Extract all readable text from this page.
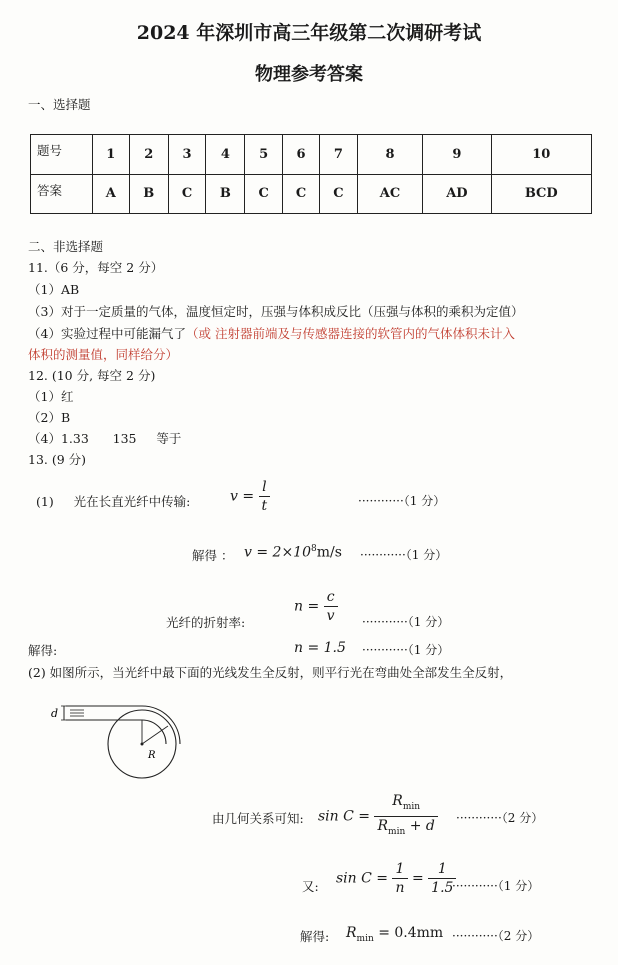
2024 年深圳市高三年级第二次调研考试
物理参考答案
一、选择题
题号	1	2	3	4	5	6	7	8	9	10
答案	A	B	C	B	C	C	C	AC	AD	BCD
二、非选择题
11.（6 分，每空 2 分）
（1）AB
（3）对于一定质量的气体，温度恒定时，压强与体积成反比（压强与体积的乘积为定值）
（4）实验过程中可能漏气了（或 注射器前端及与传感器连接的软管内的气体体积未计入
体积的测量值，同样给分）
12. (10 分, 每空 2 分)
（1）红
（2）B
（4）1.33      135     等于
13. (9 分)
(1)     光在长直光纤中传输:	$v = \frac{l}{t}$	············（1 分）
解得 ： $v = 2\times 10^8m/s \cdot\cdot\cdot\cdot\cdot\cdot\cdot\cdot\cdot\cdot\cdot\cdot(1$ 分）
$n = \frac{c}{v}$
光纤的折射率:	············（1 分）
解得:	n = 1.5 ············（1 分）
(2) 如图所示，当光纤中最下面的光线发生全反射，则平行光在弯曲处全部发生全反射，
d
R
由几何关系可知: $\sin C = \frac{R_{min}}{R_{min} + d} \cdot\cdot\cdot\cdot\cdot\cdot\cdot\cdot\cdot\cdot\cdot\cdot(2$ 分）
又: $\sin C = \frac{1}{n} = \frac{1}{1.5}$
············（1 分）
解得: $R_{min} = 0.4mm \cdot\cdot\cdot\cdot\cdot\cdot\cdot\cdot\cdot\cdot\cdot\cdot(2$ 分）
